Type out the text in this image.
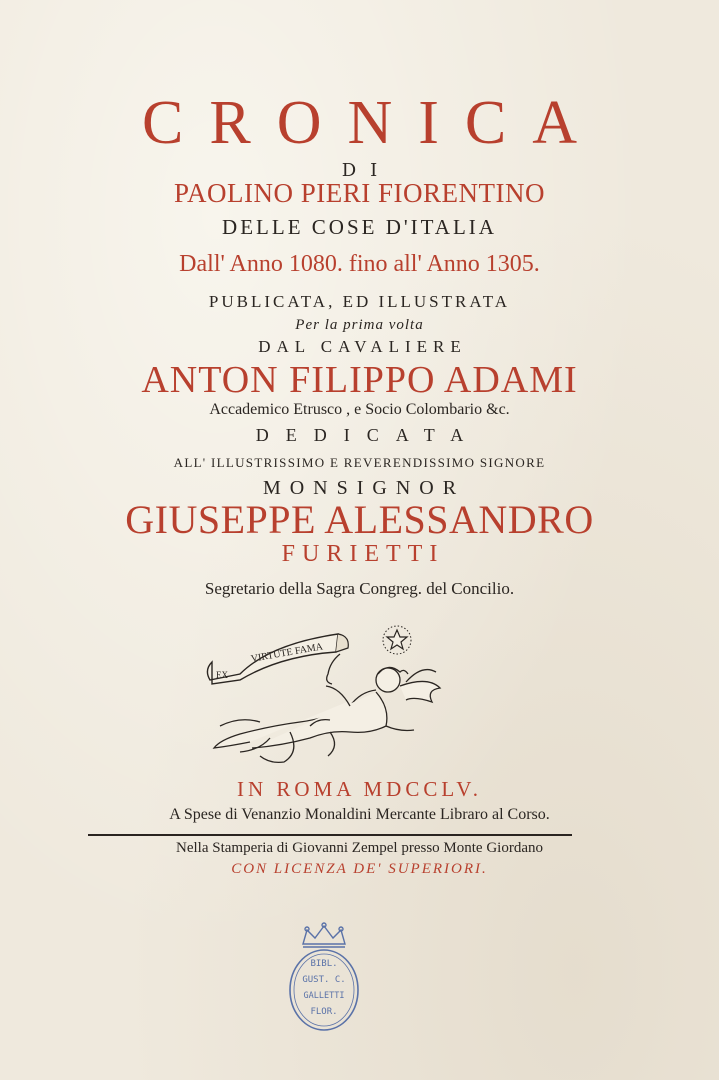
CRONICA
DI
PAOLINO PIERI FIORENTINO
DELLE COSE D'ITALIA
Dall' Anno 1080. fino all' Anno 1305.
PUBLICATA, ED ILLUSTRATA
Per la prima volta
DAL CAVALIERE
ANTON FILIPPO ADAMI
Accademico Etrusco , e Socio Colombario &c.
DEDICATA
ALL' ILLUSTRISSIMO E REVERENDISSIMO SIGNORE
MONSIGNOR
GIUSEPPE ALESSANDRO
FURIETTI
Segretario della Sagra Congreg. del Concilio.
VIRTUTE FAMA
EX
IN ROMA MDCCLV.
A Spese di Venanzio Monaldini Mercante Libraro al Corso.
Nella Stamperia di Giovanni Zempel presso Monte Giordano
CON LICENZA DE' SUPERIORI.
BIBL.
GUST. C.
GALLETTI
FLOR.
